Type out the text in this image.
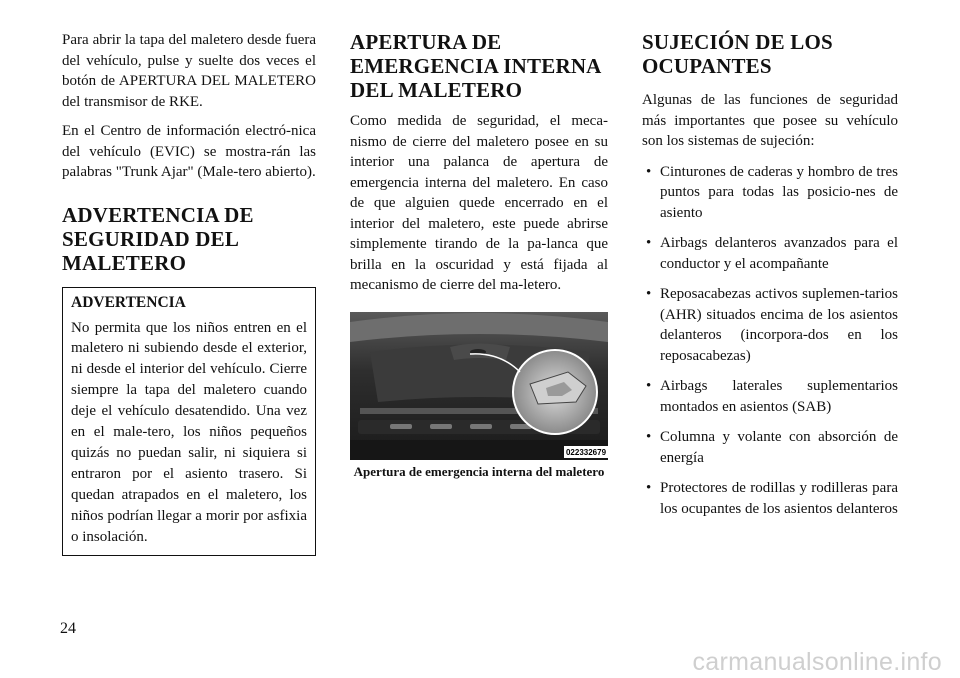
Para abrir la tapa del maletero desde fuera del vehículo, pulse y suelte dos veces el botón de APERTURA DEL MALETERO del transmisor de RKE.

En el Centro de información electró-nica del vehículo (EVIC) se mostra-rán las palabras "Trunk Ajar" (Male-tero abierto).

ADVERTENCIA DE SEGURIDAD DEL MALETERO
ADVERTENCIA

No permita que los niños entren en el maletero ni subiendo desde el exterior, ni desde el interior del vehículo. Cierre siempre la tapa del maletero cuando deje el vehículo desatendido. Una vez en el male-tero, los niños pequeños quizás no puedan salir, ni siquiera si entraron por el asiento trasero. Si quedan atrapados en el maletero, los niños podrían llegar a morir por asfixia o insolación.

APERTURA DE EMERGENCIA INTERNA DEL MALETERO

Como medida de seguridad, el meca-nismo de cierre del maletero posee en su interior una palanca de apertura de emergencia interna del maletero. En caso de que alguien quede encerrado en el interior del maletero, este puede abrirse simplemente tirando de la pa-lanca que brilla en la oscuridad y está fijada al mecanismo de cierre del ma-letero.

022332679
Apertura de emergencia interna del maletero
SUJECIÓN DE LOS OCUPANTES

Algunas de las funciones de seguridad más importantes que posee su vehículo son los sistemas de sujeción:

• Cinturones de caderas y hombro de tres puntos para todas las posicio-nes de asiento
• Airbags delanteros avanzados para el conductor y el acompañante
• Reposacabezas activos suplemen-tarios (AHR) situados encima de los asientos delanteros (incorpora-dos en los reposacabezas)
• Airbags laterales suplementarios montados en asientos (SAB)
• Columna y volante con absorción de energía
• Protectores de rodillas y rodilleras para los ocupantes de los asientos delanteros
24
carmanualsonline.info
